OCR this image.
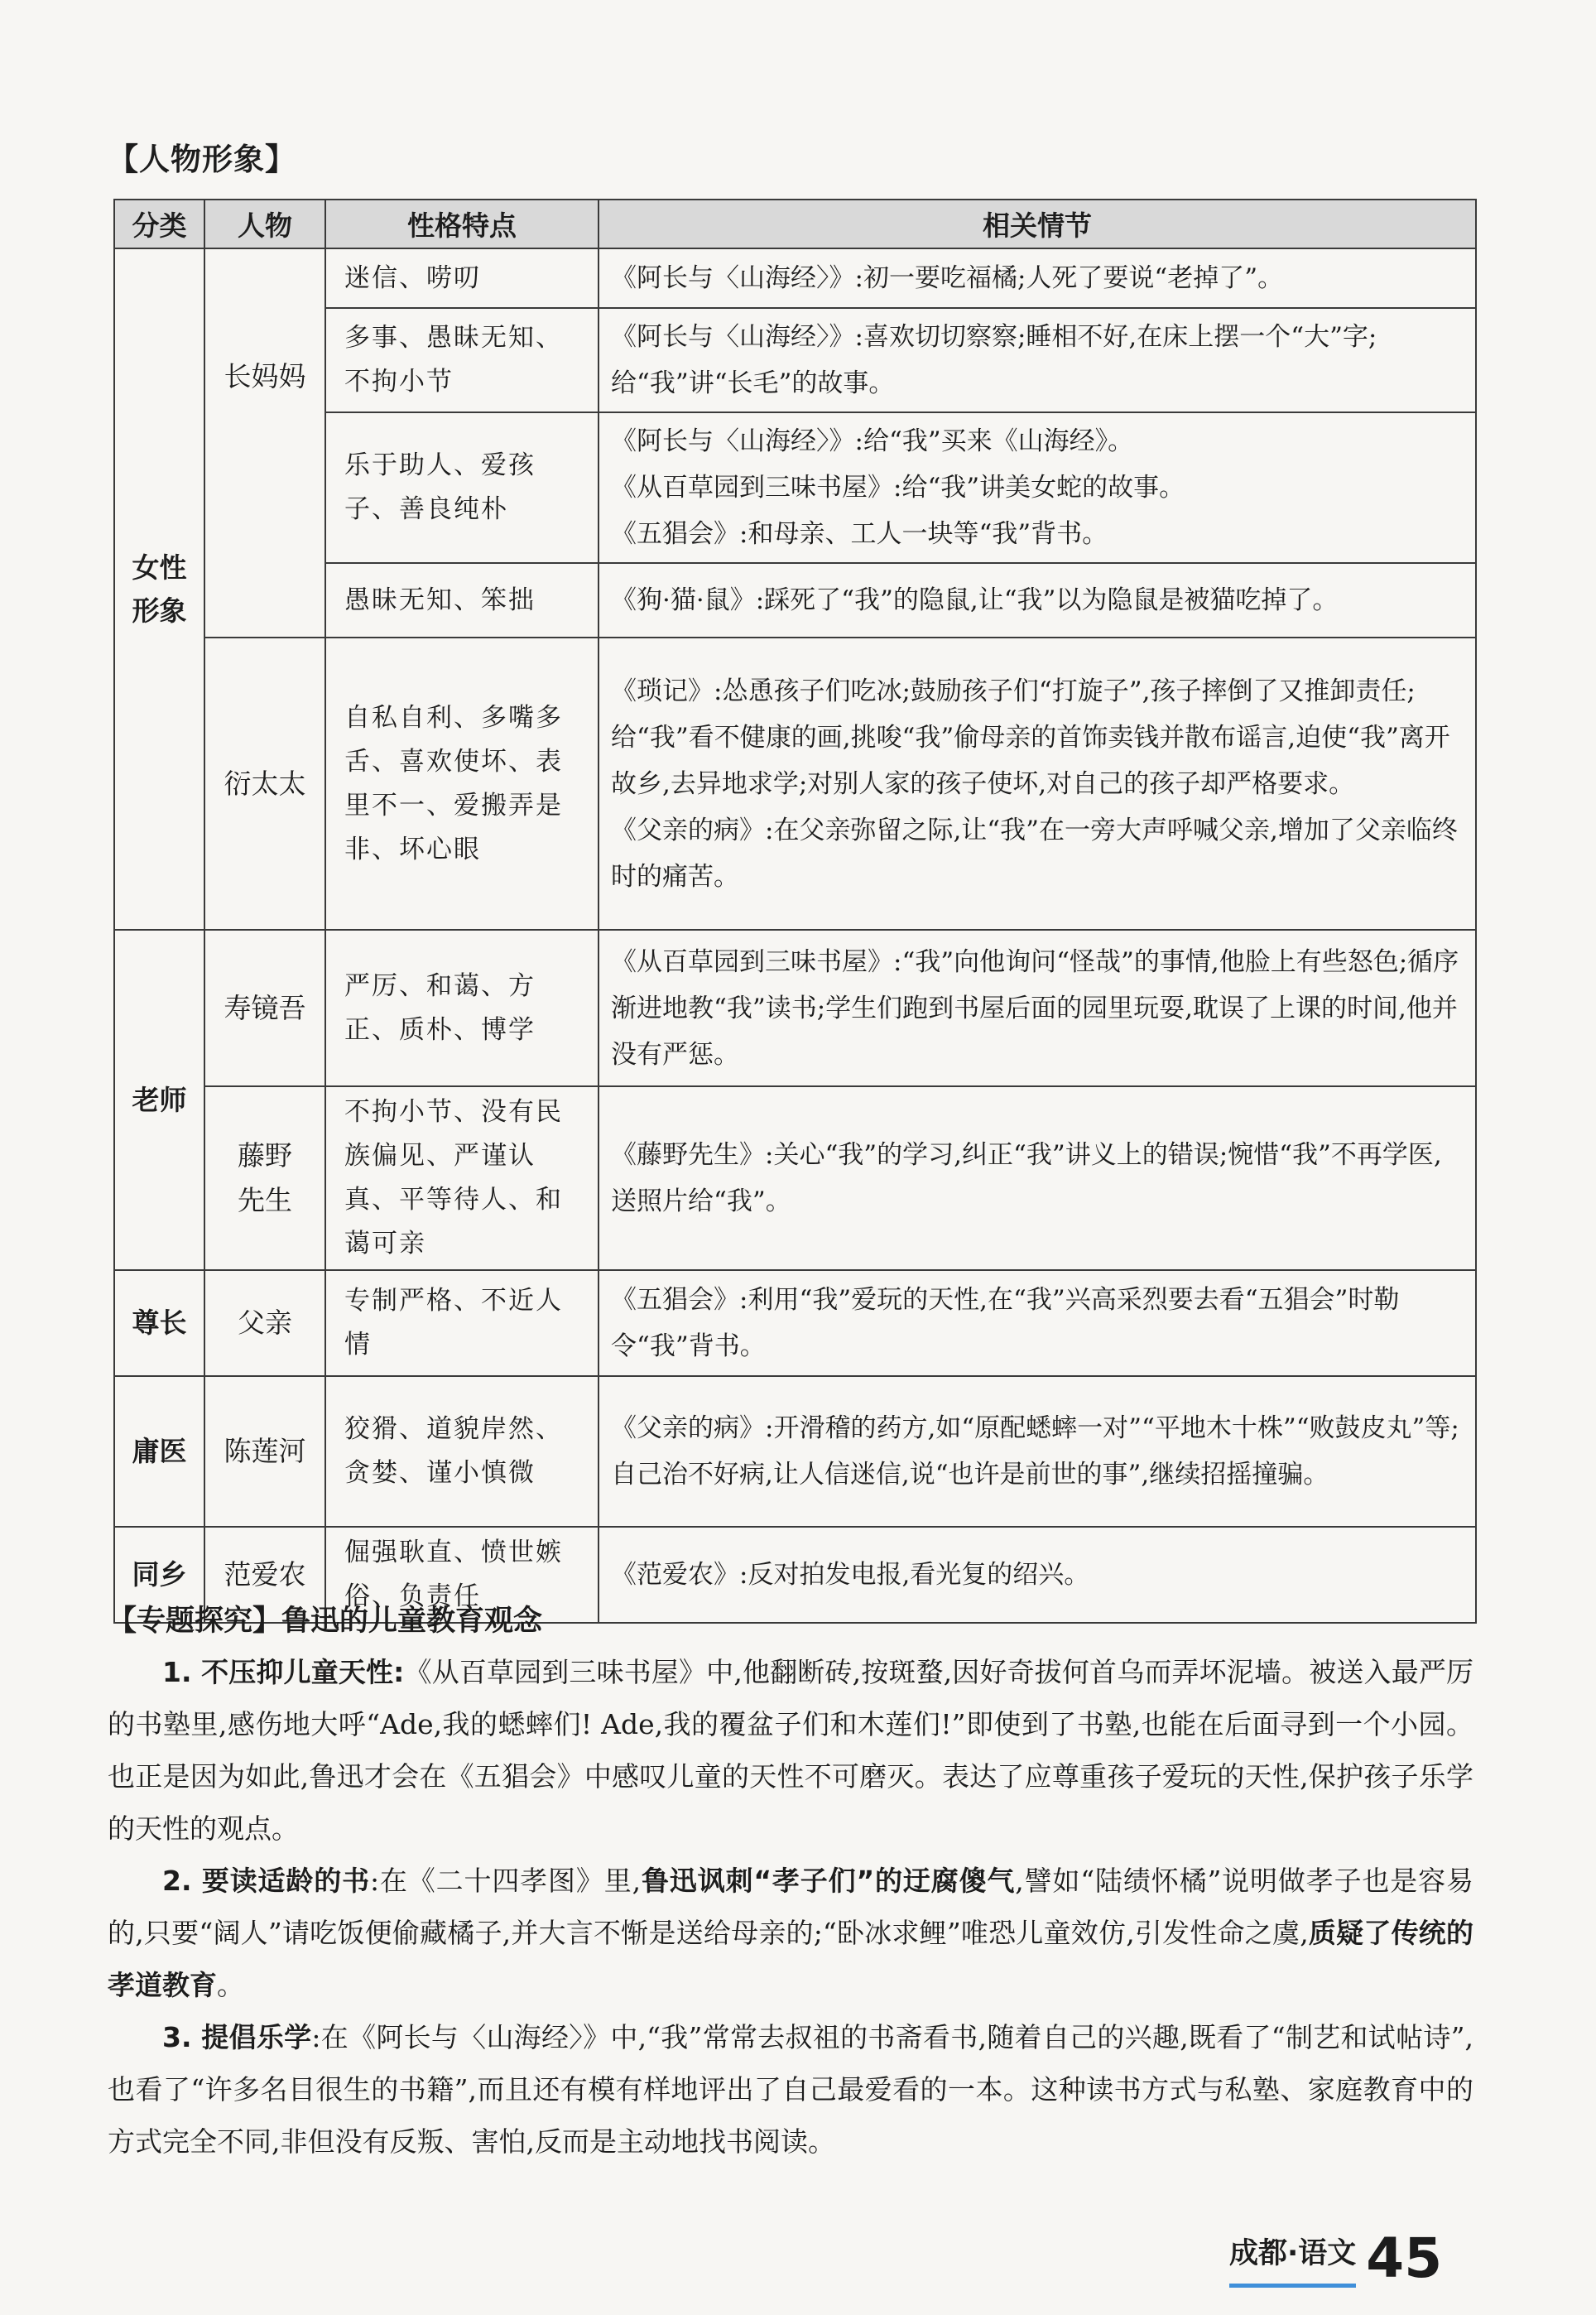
【人物形象】
分类	人物	性格特点	相关情节

女性形象	长妈妈	迷信、唠叨	《阿长与〈山海经〉》:初一要吃福橘;人死了要说“老掉了”。
		多事、愚昧无知、不拘小节	《阿长与〈山海经〉》:喜欢切切察察;睡相不好,在床上摆一个“大”字;给“我”讲“长毛”的故事。
		乐于助人、爱孩子、善良纯朴	《阿长与〈山海经〉》:给“我”买来《山海经》。
《从百草园到三味书屋》:给“我”讲美女蛇的故事。
《五猖会》:和母亲、工人一块等“我”背书。

		愚昧无知、笨拙	《狗·猫·鼠》:踩死了“我”的隐鼠,让“我”以为隐鼠是被猫吃掉了。
	衍太太	自私自利、多嘴多舌、喜欢使坏、表里不一、爱搬弄是非、坏心眼	《琐记》:怂恿孩子们吃冰;鼓励孩子们“打旋子”,孩子摔倒了又推卸责任;给“我”看不健康的画,挑唆“我”偷母亲的首饰卖钱并散布谣言,迫使“我”离开故乡,去异地求学;对别人家的孩子使坏,对自己的孩子却严格要求。
《父亲的病》:在父亲弥留之际,让“我”在一旁大声呼喊父亲,增加了父亲临终时的痛苦。

老师	寿镜吾	严厉、和蔼、方正、质朴、博学	《从百草园到三味书屋》:“我”向他询问“怪哉”的事情,他脸上有些怒色;循序渐进地教“我”读书;学生们跑到书屋后面的园里玩耍,耽误了上课的时间,他并没有严惩。

	藤野先生	不拘小节、没有民族偏见、严谨认真、平等待人、和蔼可亲	《藤野先生》:关心“我”的学习,纠正“我”讲义上的错误;惋惜“我”不再学医,送照片给“我”。
尊长	父亲	专制严格、不近人情	《五猖会》:利用“我”爱玩的天性,在“我”兴高采烈要去看“五猖会”时勒令“我”背书。
庸医	陈莲河	狡猾、道貌岸然、贪婪、谨小慎微	《父亲的病》:开滑稽的药方,如“原配蟋蟀一对”“平地木十株”“败鼓皮丸”等;自己治不好病,让人信迷信,说“也许是前世的事”,继续招摇撞骗。
同乡	范爱农	倔强耿直、愤世嫉俗、负责任	《范爱农》:反对拍发电报,看光复的绍兴。
【专题探究】鲁迅的儿童教育观念

1. 不压抑儿童天性:《从百草园到三味书屋》中,他翻断砖,按斑蝥,因好奇拔何首乌而弄坏泥墙。被送入最严厉的书塾里,感伤地大呼“Ade,我的蟋蟀们! Ade,我的覆盆子们和木莲们!”即使到了书塾,也能在后面寻到一个小园。也正是因为如此,鲁迅才会在《五猖会》中感叹儿童的天性不可磨灭。表达了应尊重孩子爱玩的天性,保护孩子乐学的天性的观点。

2. 要读适龄的书:在《二十四孝图》里,鲁迅讽刺“孝子们”的迂腐傻气,譬如“陆绩怀橘”说明做孝子也是容易的,只要“阔人”请吃饭便偷藏橘子,并大言不惭是送给母亲的;“卧冰求鲤”唯恐儿童效仿,引发性命之虞,质疑了传统的孝道教育。

3. 提倡乐学:在《阿长与〈山海经〉》中,“我”常常去叔祖的书斋看书,随着自己的兴趣,既看了“制艺和试帖诗”,也看了“许多名目很生的书籍”,而且还有模有样地评出了自己最爱看的一本。这种读书方式与私塾、家庭教育中的方式完全不同,非但没有反叛、害怕,反而是主动地找书阅读。

成都·语文 45
